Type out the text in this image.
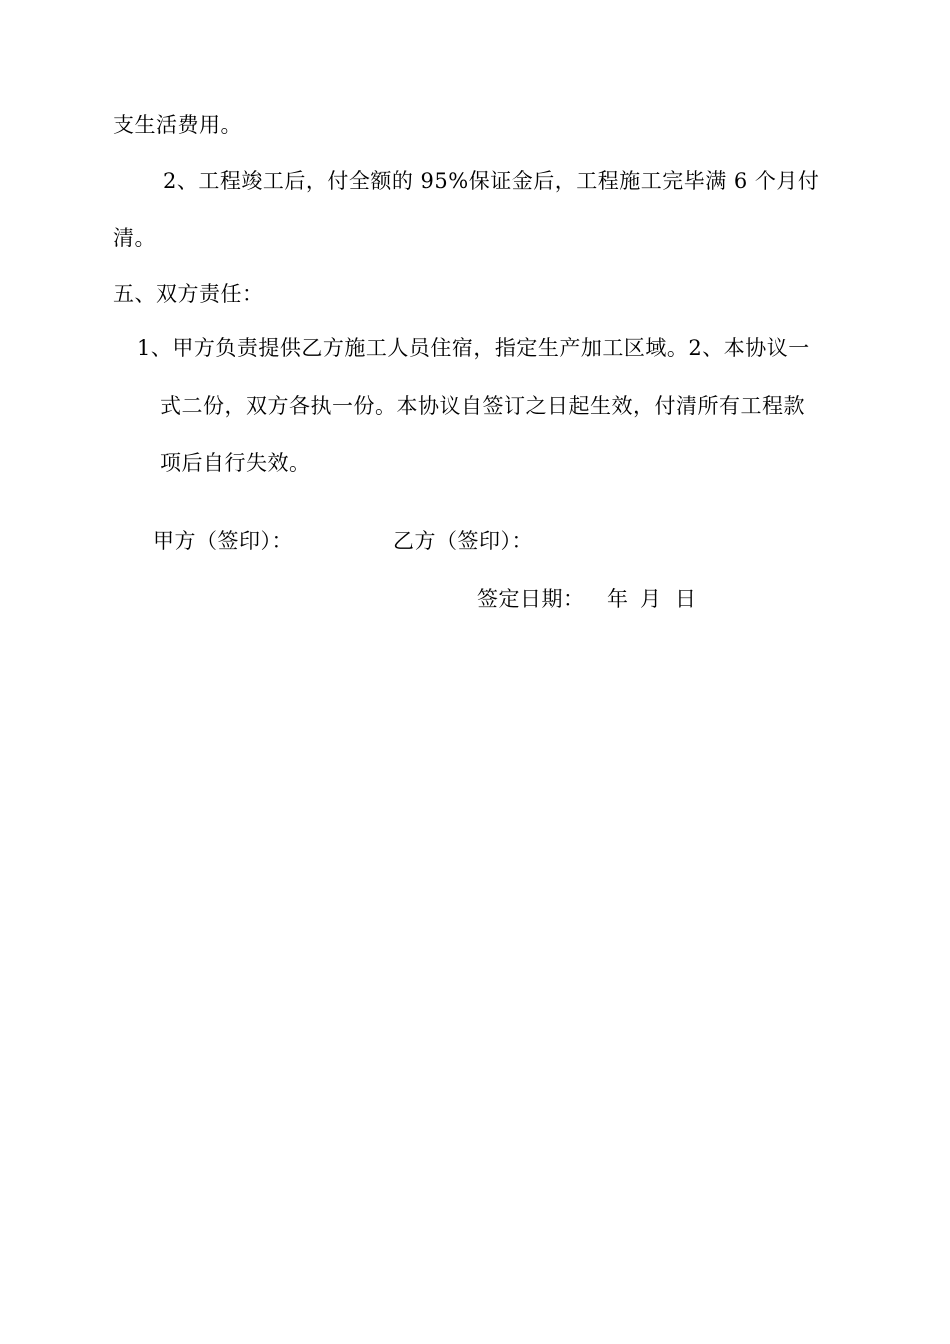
支生活费用。
2、工程竣工后，付全额的 95%保证金后，工程施工完毕满 6 个月付
清。
五、双方责任：
1、甲方负责提供乙方施工人员住宿，指定生产加工区域。2、本协议一
式二份，双方各执一份。本协议自签订之日起生效，付清所有工程款
项后自行失效。
甲方（签印）：	乙方（签印）：
签定日期： 年 月 日
